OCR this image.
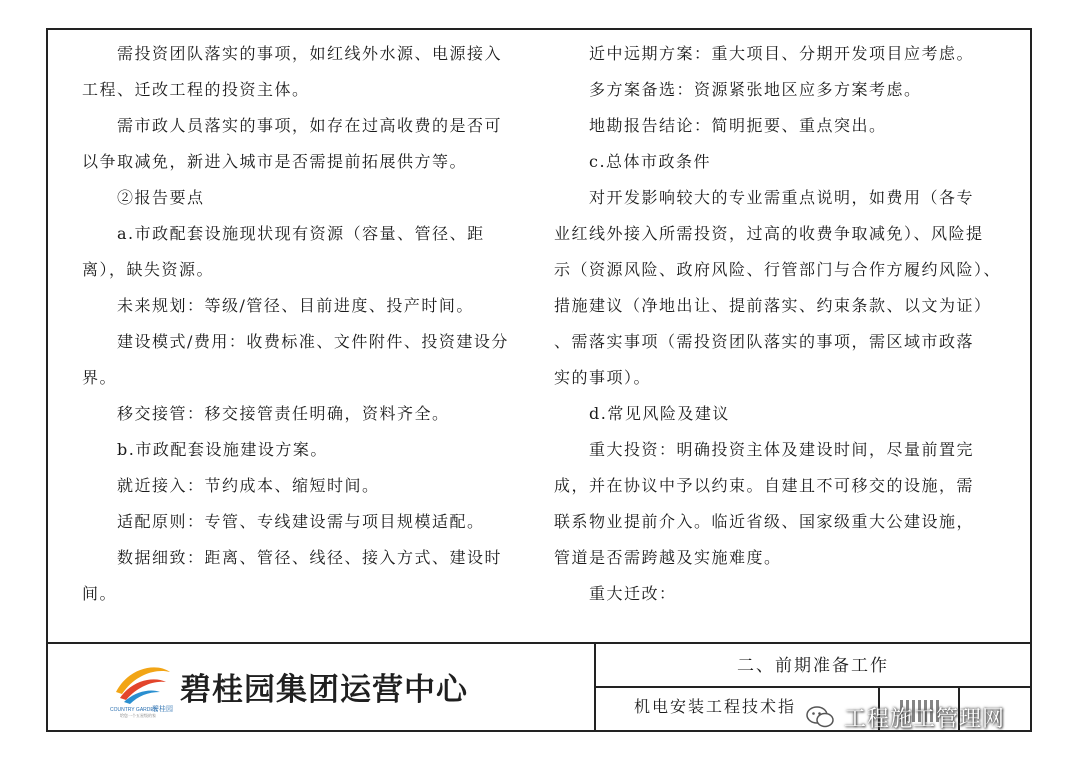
　　需投资团队落实的事项，如红线外水源、电源接入
工程、迁改工程的投资主体。
　　需市政人员落实的事项，如存在过高收费的是否可
以争取减免，新进入城市是否需提前拓展供方等。
　　②报告要点
　　a.市政配套设施现状现有资源（容量、管径、距
离），缺失资源。
　　未来规划：等级/管径、目前进度、投产时间。
　　建设模式/费用：收费标准、文件附件、投资建设分
界。
　　移交接管：移交接管责任明确，资料齐全。
　　b.市政配套设施建设方案。
　　就近接入：节约成本、缩短时间。
　　适配原则：专管、专线建设需与项目规模适配。
　　数据细致：距离、管径、线径、接入方式、建设时
间。
　　近中远期方案：重大项目、分期开发项目应考虑。
　　多方案备选：资源紧张地区应多方案考虑。
　　地勘报告结论：简明扼要、重点突出。
　　c.总体市政条件
　　对开发影响较大的专业需重点说明，如费用（各专
业红线外接入所需投资，过高的收费争取减免）、风险提
示（资源风险、政府风险、行管部门与合作方履约风险）、
措施建议（净地出让、提前落实、约束条款、以文为证）
、需落实事项（需投资团队落实的事项，需区域市政落
实的事项）。
　　d.常见风险及建议
　　重大投资：明确投资主体及建设时间，尽量前置完
成，并在协议中予以约束。自建且不可移交的设施，需
联系物业提前介入。临近省级、国家级重大公建设施，
管道是否需跨越及实施难度。
　　重大迁改：
COUNTRY GARDEN
碧桂园
给您一个五星级的家
碧桂园集团运营中心
二、前期准备工作
机电安装工程技术指 工程施工管理网
